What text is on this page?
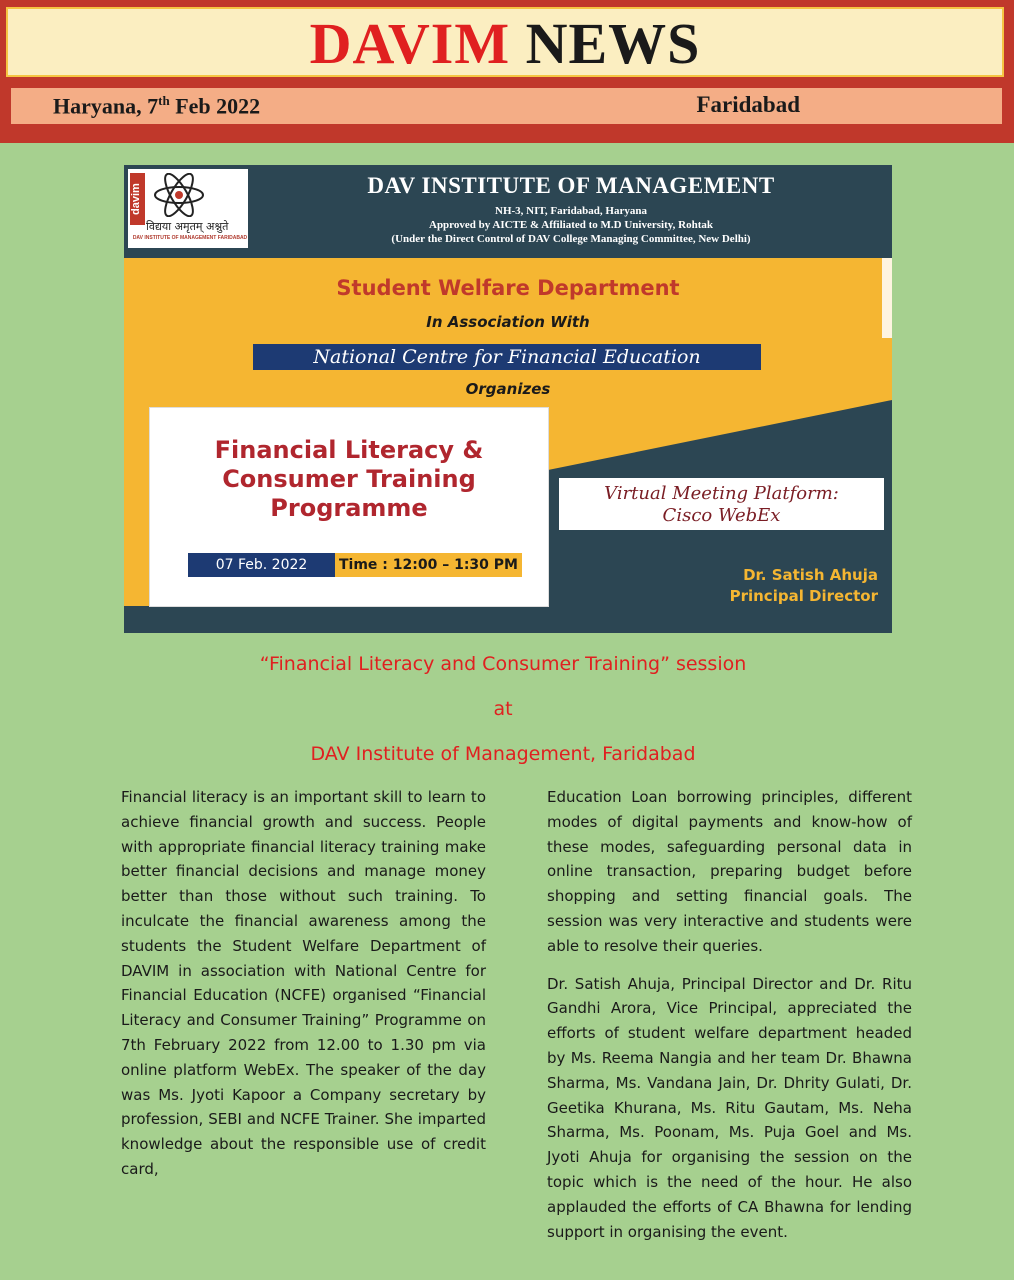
DAVIM NEWS
Haryana, 7th Feb 2022	Faridabad
davim
विद्यया अमृतम् अश्नुते
DAV INSTITUTE OF MANAGEMENT FARIDABAD
DAV INSTITUTE OF MANAGEMENT
NH-3, NIT, Faridabad, Haryana
Approved by AICTE & Affiliated to M.D University, Rohtak
(Under the Direct Control of DAV College Managing Committee, New Delhi)
Student Welfare Department
In Association With
National Centre for Financial Education
Organizes
Financial Literacy &
Consumer Training
Programme
07 Feb. 2022	Time : 12:00 – 1:30 PM
Virtual Meeting Platform:
Cisco WebEx
Dr. Satish Ahuja
Principal Director
“Financial Literacy and Consumer Training” session
at
DAV Institute of Management, Faridabad

Financial literacy is an important skill to learn to achieve financial growth and success. People with appropriate financial literacy training make better financial decisions and manage money better than those without such training. To inculcate the financial awareness among the students the Student Welfare Department of DAVIM in association with National Centre for Financial Education (NCFE) organised “Financial Literacy and Consumer Training” Programme on 7th February 2022 from 12.00 to 1.30 pm via online platform WebEx. The speaker of the day was Ms. Jyoti Kapoor a Company secretary by profession, SEBI and NCFE Trainer. She imparted knowledge about the responsible use of credit card,

Education Loan borrowing principles, different modes of digital payments and know-how of these modes, safeguarding personal data in online transaction, preparing budget before shopping and setting financial goals. The session was very interactive and students were able to resolve their queries.

Dr. Satish Ahuja, Principal Director and Dr. Ritu Gandhi Arora, Vice Principal, appreciated the efforts of student welfare department headed by Ms. Reema Nangia and her team Dr. Bhawna Sharma, Ms. Vandana Jain, Dr. Dhrity Gulati, Dr. Geetika Khurana, Ms. Ritu Gautam, Ms. Neha Sharma, Ms. Poonam, Ms. Puja Goel and Ms. Jyoti Ahuja for organising the session on the topic which is the need of the hour. He also applauded the efforts of CA Bhawna for lending support in organising the event.
